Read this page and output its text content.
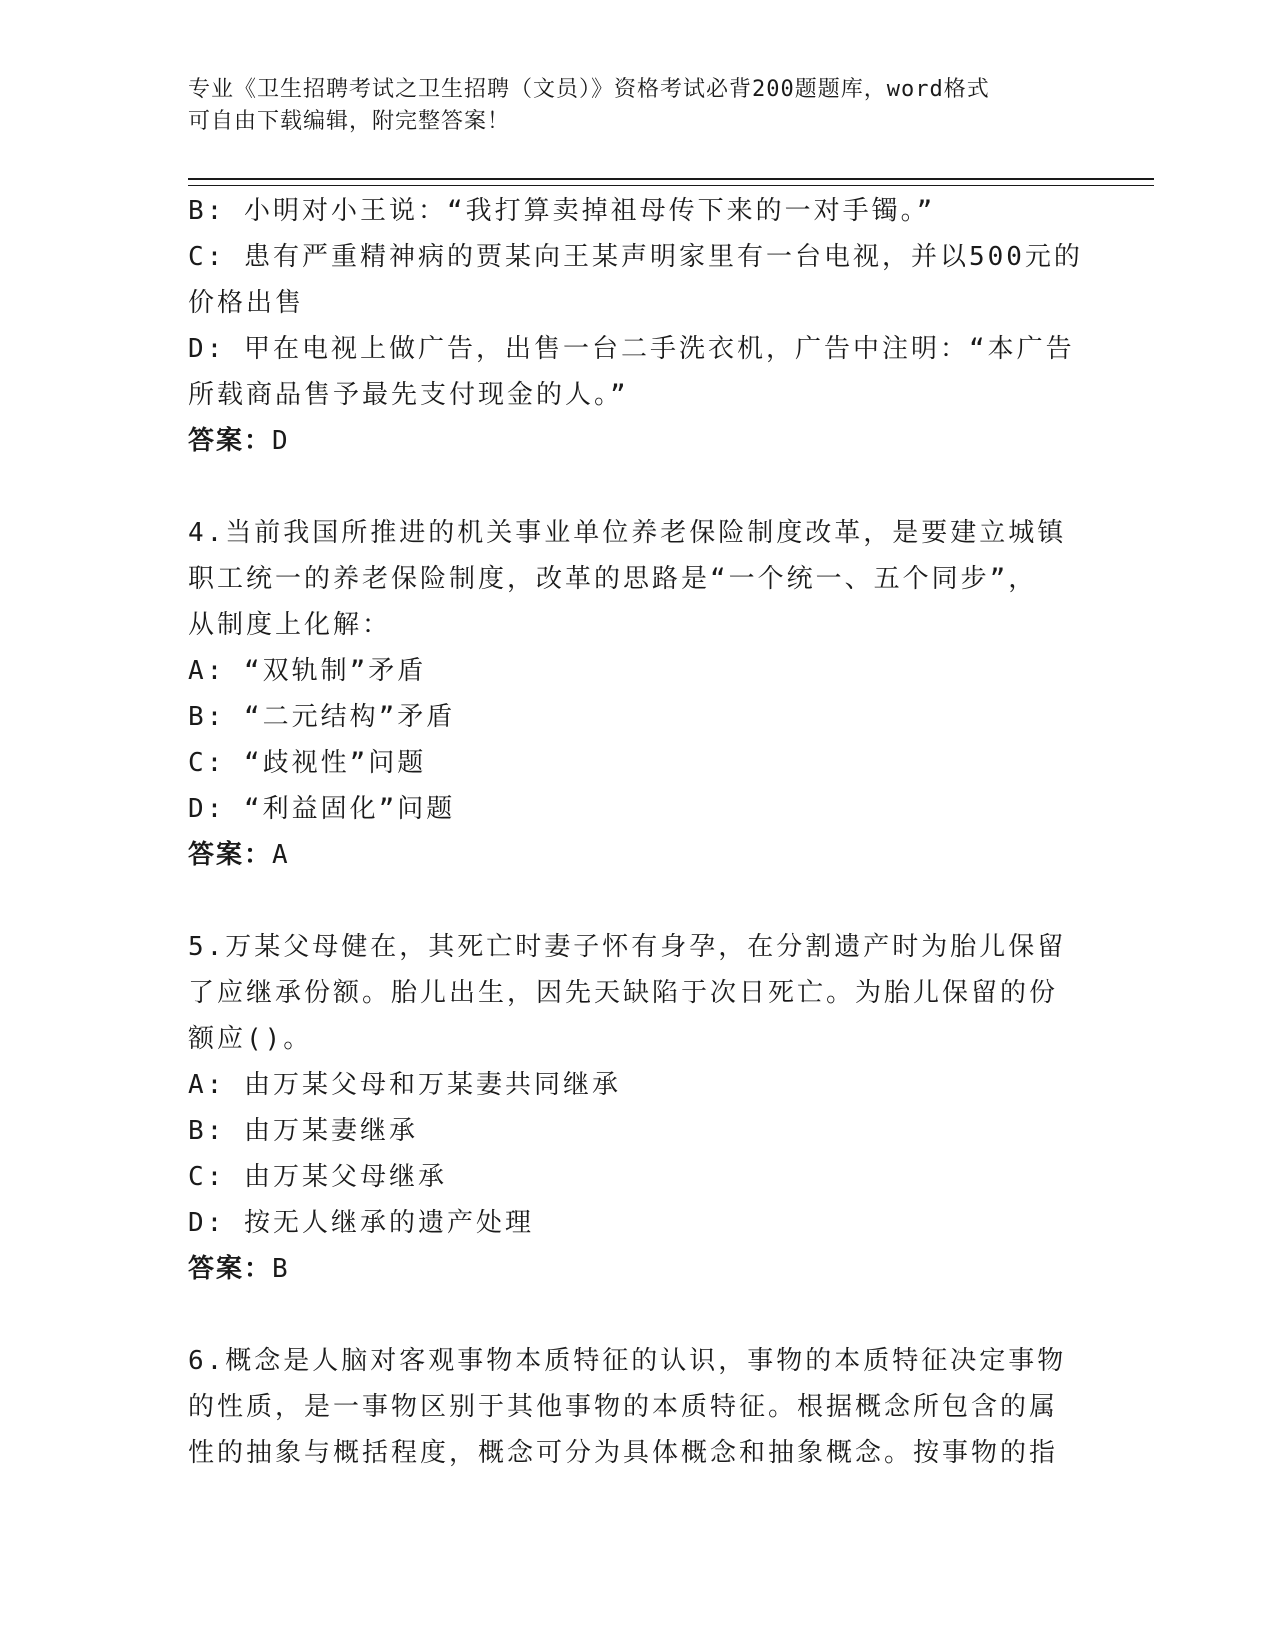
专业《卫生招聘考试之卫生招聘（文员）》资格考试必背200题题库，word格式
可自由下载编辑，附完整答案！
B: 小明对小王说：“我打算卖掉祖母传下来的一对手镯。”
C: 患有严重精神病的贾某向王某声明家里有一台电视，并以500元的
价格出售
D: 甲在电视上做广告，出售一台二手洗衣机，广告中注明：“本广告
所载商品售予最先支付现金的人。”
答案：D
4.当前我国所推进的机关事业单位养老保险制度改革，是要建立城镇
职工统一的养老保险制度，改革的思路是“一个统一、五个同步”，
从制度上化解：
A: “双轨制”矛盾
B: “二元结构”矛盾
C: “歧视性”问题
D: “利益固化”问题
答案：A
5.万某父母健在，其死亡时妻子怀有身孕，在分割遗产时为胎儿保留
了应继承份额。胎儿出生，因先天缺陷于次日死亡。为胎儿保留的份
额应()。
A: 由万某父母和万某妻共同继承
B: 由万某妻继承
C: 由万某父母继承
D: 按无人继承的遗产处理
答案：B
6.概念是人脑对客观事物本质特征的认识，事物的本质特征决定事物
的性质，是一事物区别于其他事物的本质特征。根据概念所包含的属
性的抽象与概括程度，概念可分为具体概念和抽象概念。按事物的指
